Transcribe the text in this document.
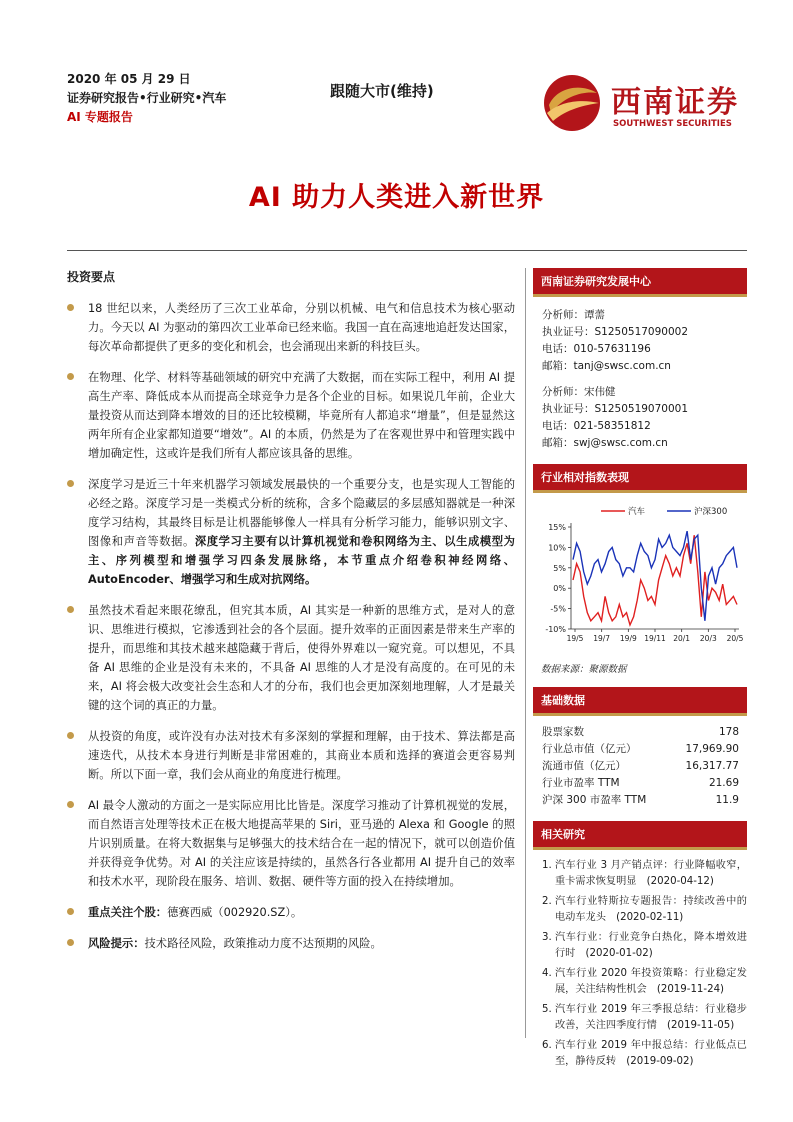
2020 年 05 月 29 日
证券研究报告•行业研究•汽车
AI 专题报告
跟随大市(维持)	西南证券
SOUTHWEST SECURITIES
AI 助力人类进入新世界
投资要点
18 世纪以来，人类经历了三次工业革命，分别以机械、电气和信息技术为核心驱动力。今天以 AI 为驱动的第四次工业革命已经来临。我国一直在高速地追赶发达国家，每次革命都提供了更多的变化和机会，也会涌现出来新的科技巨头。
在物理、化学、材料等基础领域的研究中充满了大数据，而在实际工程中，利用 AI 提高生产率、降低成本从而提高全球竞争力是各个企业的目标。如果说几年前，企业大量投资从而达到降本增效的目的还比较模糊，毕竟所有人都追求“增量”，但是显然这两年所有企业家都知道要“增效”。AI 的本质，仍然是为了在客观世界中和管理实践中增加确定性，这或许是我们所有人都应该具备的思维。
深度学习是近三十年来机器学习领域发展最快的一个重要分支，也是实现人工智能的必经之路。深度学习是一类模式分析的统称，含多个隐藏层的多层感知器就是一种深度学习结构，其最终目标是让机器能够像人一样具有分析学习能力，能够识别文字、图像和声音等数据。深度学习主要有以计算机视觉和卷积网络为主、以生成模型为主、序列模型和增强学习四条发展脉络，本节重点介绍卷积神经网络、AutoEncoder、增强学习和生成对抗网络。
虽然技术看起来眼花缭乱，但究其本质，AI 其实是一种新的思维方式，是对人的意识、思维进行模拟，它渗透到社会的各个层面。提升效率的正面因素是带来生产率的提升，而思维和其技术越来越隐藏于背后，使得外界难以一窥究竟。可以想见，不具备 AI 思维的企业是没有未来的，不具备 AI 思维的人才是没有高度的。在可见的未来，AI 将会极大改变社会生态和人才的分布，我们也会更加深刻地理解，人才是最关键的这个词的真正的力量。
从投资的角度，或许没有办法对技术有多深刻的掌握和理解，由于技术、算法都是高速迭代，从技术本身进行判断是非常困难的，其商业本质和选择的赛道会更容易判断。所以下面一章，我们会从商业的角度进行梳理。
AI 最令人激动的方面之一是实际应用比比皆是。深度学习推动了计算机视觉的发展，而自然语言处理等技术正在极大地提高苹果的 Siri，亚马逊的 Alexa 和 Google 的照片识别质量。在将大数据集与足够强大的技术结合在一起的情况下，就可以创造价值并获得竞争优势。对 AI 的关注应该是持续的，虽然各行各业都用 AI 提升自己的效率和技术水平，现阶段在服务、培训、数据、硬件等方面的投入在持续增加。
重点关注个股：德赛西威（002920.SZ）。
风险提示：技术路径风险，政策推动力度不达预期的风险。
西南证券研究发展中心

分析师：谭薷

执业证号：S1250517090002

电话：010-57631196

邮箱：tanj@swsc.com.cn

分析师：宋伟健

执业证号：S1250519070001

电话：021-58351812

邮箱：swj@swsc.com.cn

行业相对指数表现
15%
10%
5%
0%
-5%
-10%
19/5 19/7 19/9 19/11 20/1 20/3 20/5
汽车	沪深300
数据来源：聚源数据
基础数据
股票家数	178
行业总市值（亿元）	17,969.90
流通市值（亿元）	16,317.77
行业市盈率 TTM	21.69
沪深 300 市盈率 TTM	11.9
相关研究
1. 汽车行业 3 月产销点评：行业降幅收窄，重卡需求恢复明显　(2020-04-12)
2. 汽车行业特斯拉专题报告：持续改善中的电动车龙头　(2020-02-11)
3. 汽车行业：行业竞争白热化，降本增效进行时　(2020-01-02)
4. 汽车行业 2020 年投资策略：行业稳定发展，关注结构性机会　(2019-11-24)
5. 汽车行业 2019 年三季报总结：行业稳步改善，关注四季度行情　(2019-11-05)
6. 汽车行业 2019 年中报总结：行业低点已至，静待反转　(2019-09-02)
